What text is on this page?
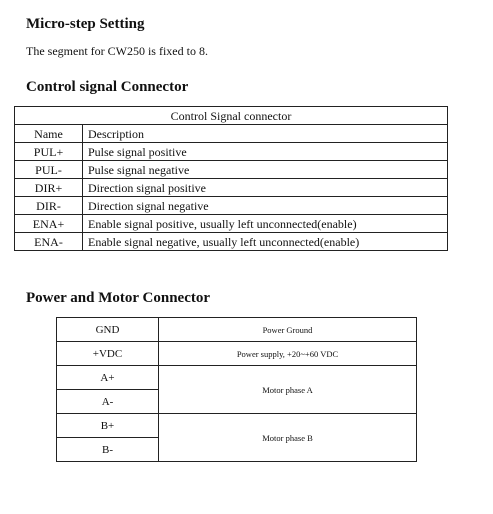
Micro-step Setting

The segment for CW250 is fixed to 8.

Control signal Connector
Control Signal connector	
Name	Description
PUL+	Pulse signal positive
PUL-	Pulse signal negative
DIR+	Direction signal positive
DIR-	Direction signal negative
ENA+	Enable signal positive, usually left unconnected(enable)
ENA-	Enable signal negative, usually left unconnected(enable)
Power and Motor Connector
GND	Power Ground
+VDC	Power supply, +20~+60 VDC
A+	Motor phase A
A-	
B+	Motor phase B
B-	
